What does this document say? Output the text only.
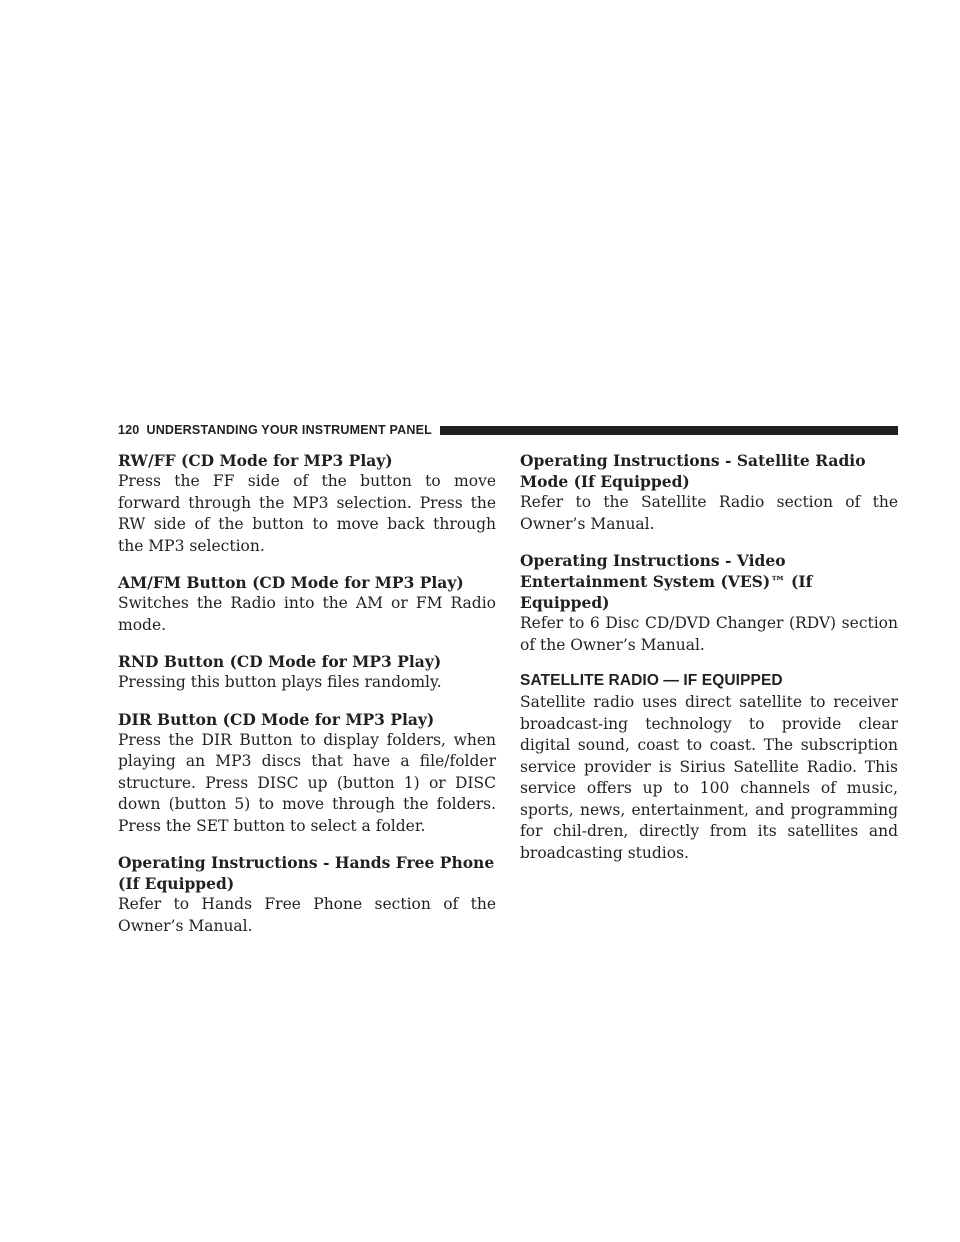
120 UNDERSTANDING YOUR INSTRUMENT PANEL

RW/FF (CD Mode for MP3 Play)

Press the FF side of the button to move forward through the MP3 selection. Press the RW side of the button to move back through the MP3 selection.

AM/FM Button (CD Mode for MP3 Play)

Switches the Radio into the AM or FM Radio mode.

RND Button (CD Mode for MP3 Play)

Pressing this button plays files randomly.

DIR Button (CD Mode for MP3 Play)

Press the DIR Button to display folders, when playing an MP3 discs that have a file/folder structure. Press DISC up (button 1) or DISC down (button 5) to move through the folders. Press the SET button to select a folder.

Operating Instructions - Hands Free Phone (If Equipped)

Refer to Hands Free Phone section of the Owner’s Manual.

Operating Instructions - Satellite Radio Mode (If Equipped)

Refer to the Satellite Radio section of the Owner’s Manual.

Operating Instructions - Video Entertainment System (VES)™ (If Equipped)

Refer to 6 Disc CD/DVD Changer (RDV) section of the Owner’s Manual.

SATELLITE RADIO — IF EQUIPPED

Satellite radio uses direct satellite to receiver broadcast-ing technology to provide clear digital sound, coast to coast. The subscription service provider is Sirius Satellite Radio. This service offers up to 100 channels of music, sports, news, entertainment, and programming for chil-dren, directly from its satellites and broadcasting studios.
